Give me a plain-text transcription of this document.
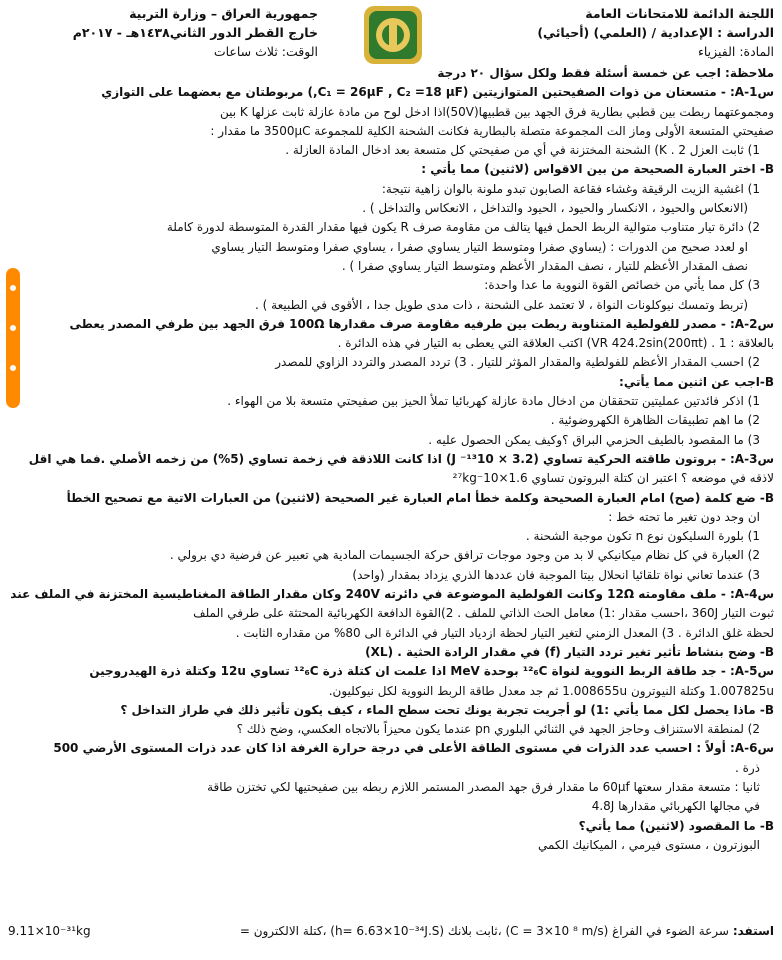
اللجنة الدائمة للامتحانات العامة
الدراسة : الإعدادية / (العلمي) (أحيائي)
المادة: الفيزياء
جمهورية العراق – وزارة التربية
خارج القطر الدور الثاني١٤٣٨هـ - ٢٠١٧م
الوقت: ثلاث ساعات
ملاحظة: اجب عن خمسة أسئلة فقط ولكل سؤال ٢٠ درجة
س1-A: - متسعتان من ذوات الصفيحتين المتوازيتين (C₁ = 26µF , C₂ =18 µF,) مربوطتان مع بعضهما على التوازي
ومجموعتهما ربطت بين قطبي بطارية فرق الجهد بين قطبيها(50V)اذا ادخل لوح من مادة عازلة ثابت عزلها K بين
صفيحتي المتسعة الأولى وماز الت المجموعة متصلة بالبطارية فكانت الشحنة الكلية للمجموعة 3500µC ما مقدار :
1) ثابت العزل K . 2) الشحنة المختزنة في أي من صفيحتي كل متسعة بعد ادخال المادة العازلة .
B- اختر العبارة الصحيحة من بين الاقواس (لاثنين) مما يأتي :
1) اغشية الزيت الرقيقة وغشاء فقاعة الصابون تبدو ملونة بالوان زاهية نتيجة:
(الانعكاس والحيود ، الانكسار والحيود ، الحيود والتداخل ، الانعكاس والتداخل ) .
2) دائرة تيار متناوب متوالية الربط الحمل فيها يتالف من مقاومة صرف R يكون فيها مقدار القدرة المتوسطة لدورة كاملة
او لعدد صحيح من الدورات : (يساوي صفرا ومتوسط التيار يساوي صفرا ، يساوي صفرا ومتوسط التيار يساوي
نصف المقدار الأعظم للتيار ، نصف المقدار الأعظم ومتوسط التيار يساوي صفرا ) .
3) كل مما يأتي من خصائص القوة النووية ما عدا واحدة:
(تربط وتمسك نيوكلونات النواة ، لا تعتمد على الشحنة ، ذات مدى طويل جدا ، الأقوى في الطبيعة ) .
س2-A: - مصدر للفولطية المتناوبة ربطت بين طرفيه مقاومة صرف مقدارها 100Ω فرق الجهد بين طرفي المصدر يعطى
بالعلاقة : VR 424.2sin(200πt) . 1) اكتب العلاقة التي يعطى به التيار في هذه الدائرة .
2) احسب المقدار الأعظم للفولطية والمقدار المؤثر للتيار . 3) تردد المصدر والتردد الزاوي للمصدر
B-اجب عن اثنين مما يأتي:
1) اذكر فائدتين عمليتين تتحققان من ادخال مادة عازلة كهربائيا تملأ الحيز بين صفيحتي متسعة بلا من الهواء .
2) ما اهم تطبيقات الظاهرة الكهروضوئية .
3) ما المقصود بالطيف الحزمي البراق ؟وكيف يمكن الحصول عليه .
س3-A: - بروتون طاقته الحركية تساوي (J ⁻¹³10 × 3.2) اذا كانت اللاذقة في زخمة تساوي (5%) من زخمه الأصلي .فما هي اقل
لاذقه في موضعه ؟ اعتبر ان كتلة البروتون تساوي 1.6×10⁻²⁷kg
B- ضع كلمة (صح) امام العبارة الصحيحة وكلمة خطأ امام العبارة غير الصحيحة (لاثنين) من العبارات الاتية مع تصحيح الخطأ
ان وجد دون تغير ما تحته خط :
1) بلورة السليكون نوع n تكون موجبة الشحنة .
2) العبارة في كل نظام ميكانيكي لا بد من وجود موجات ترافق حركة الجسيمات المادية هي تعبير عن فرضية دي برولي .
3) عندما تعاني نواة تلقائيا انحلال بيتا الموجبة فان عددها الذري يزداد بمقدار (واحد)
س4-A: - ملف مقاومته 12Ω وكانت الفولطية الموضوعة في دائرته 240V وكان مقدار الطاقة المغناطيسية المختزنة في الملف عند
ثبوت التيار 360J ،احسب مقدار :1) معامل الحث الذاتي للملف . 2)القوة الدافعة الكهربائية المحتثة على طرفي الملف
لحظة غلق الدائرة . 3) المعدل الزمني لتغير التيار لحظة ازدياد التيار في الدائرة الى 80% من مقداره الثابت .
B- وضح بنشاط تأثير تغير تردد التيار (f) في مقدار الرادة الحثية . (XL)
س5-A: - جد طاقة الربط النووية لنواة ¹²₆C بوحدة MeV اذا علمت ان كتلة ذرة ¹²₆C تساوي 12u وكتلة ذرة الهيدروجين
1.007825u وكتلة النيوترون 1.008655u ثم جد معدل طاقة الربط النووية لكل نيوكليون.
B- ماذا يحصل لكل مما يأتي :1) لو أجريت تجربة يونك تحت سطح الماء ، كيف يكون تأثير ذلك في طراز التداخل ؟
2) لمنطقة الاستنزاف وحاجز الجهد في الثنائي البلوري pn عندما يكون محيزاً بالاتجاه العكسي، وضح ذلك ؟
س6-A: أولاً : احسب عدد الذرات في مستوى الطاقة الأعلى في درجة حرارة الغرفة اذا كان عدد ذرات المستوى الأرضي 500
ذرة .
ثانيا : متسعة مقدار سعتها 60µf ما مقدار فرق جهد المصدر المستمر اللازم ربطه بين صفيحتيها لكي تختزن طاقة
في مجالها الكهربائي مقدارها 4.8J
B- ما المقصود (لاثنين) مما يأتي؟
البوزترون ، مستوى فيرمي ، الميكانيك الكمي
استفد: سرعة الضوء في الفراغ (C = 3×10 ⁸ m/s) ،ثابت بلانك (h= 6.63×10⁻³⁴J.S) ،كتلة الالكترون =
9.11×10⁻³¹kg
